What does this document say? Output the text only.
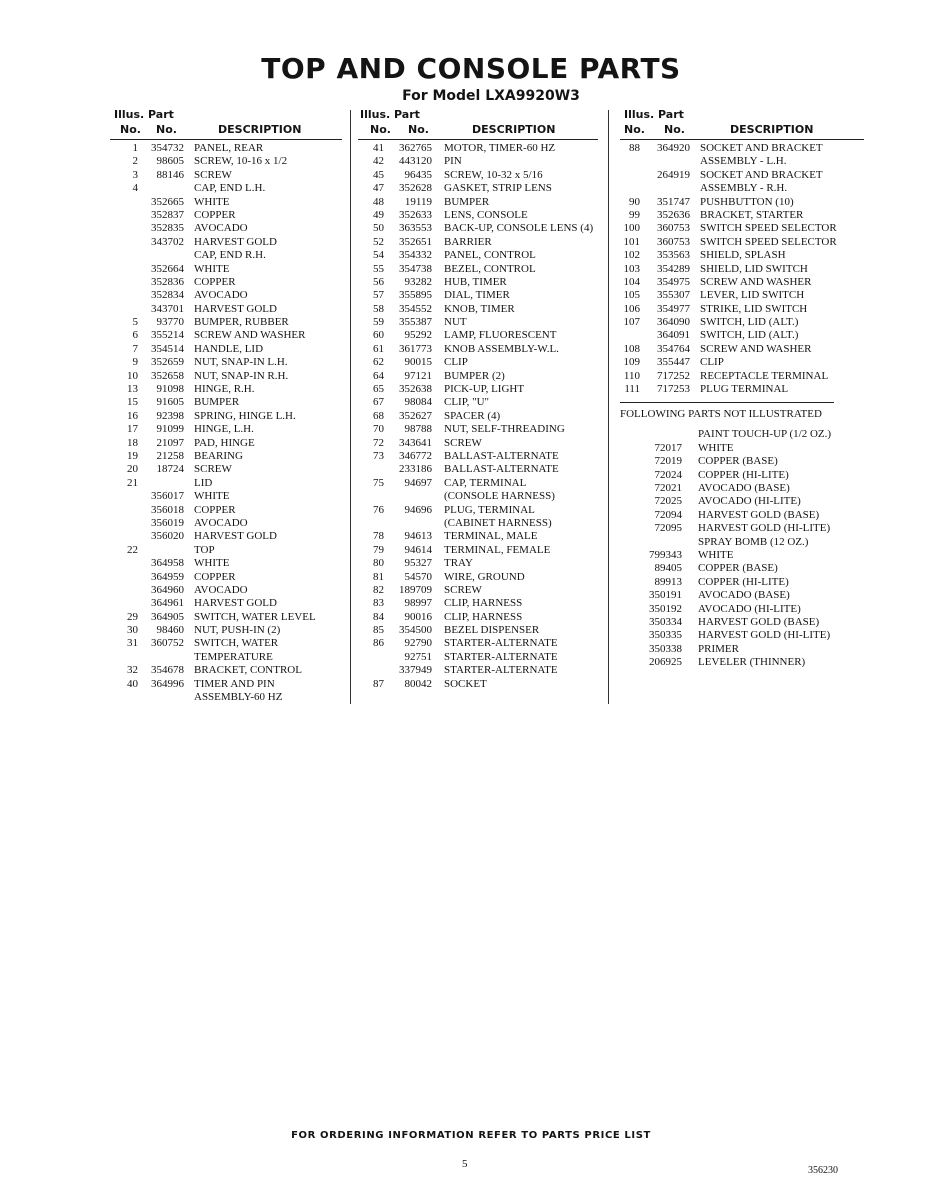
TOP AND CONSOLE PARTS
For Model LXA9920W3
Illus. Part
No. No.	DESCRIPTION
1	354732 PANEL, REAR
2	98605 SCREW, 10-16 x 1/2
3	88146 SCREW
4	CAP, END L.H.
352665 WHITE
352837 COPPER
352835 AVOCADO
343702 HARVEST GOLD
CAP, END R.H.
352664 WHITE
352836 COPPER
352834 AVOCADO
343701 HARVEST GOLD
5	93770 BUMPER, RUBBER
6	355214 SCREW AND WASHER
7	354514 HANDLE, LID
9	352659 NUT, SNAP-IN L.H.
10	352658 NUT, SNAP-IN R.H.
13	91098 HINGE, R.H.
15	91605 BUMPER
16	92398 SPRING, HINGE L.H.
17	91099 HINGE, L.H.
18	21097 PAD, HINGE
19	21258 BEARING
20	18724 SCREW
21	LID
356017 WHITE
356018 COPPER
356019 AVOCADO
356020 HARVEST GOLD
22	TOP
364958 WHITE
364959 COPPER
364960 AVOCADO
364961 HARVEST GOLD
29	364905 SWITCH, WATER LEVEL
30	98460 NUT, PUSH-IN (2)
31	360752 SWITCH, WATER
TEMPERATURE
32	354678 BRACKET, CONTROL
40	364996 TIMER AND PIN
ASSEMBLY-60 HZ
Illus. Part
No. No.	DESCRIPTION
41	362765 MOTOR, TIMER-60 HZ
42	443120 PIN
45	96435 SCREW, 10-32 x 5/16
47	352628 GASKET, STRIP LENS
48	19119 BUMPER
49	352633 LENS, CONSOLE
50	363553 BACK-UP, CONSOLE LENS (4)
52	352651 BARRIER
54	354332 PANEL, CONTROL
55	354738 BEZEL, CONTROL
56	93282 HUB, TIMER
57	355895 DIAL, TIMER
58	354552 KNOB, TIMER
59	355387 NUT
60	95292 LAMP, FLUORESCENT
61	361773 KNOB ASSEMBLY-W.L.
62	90015 CLIP
64	97121 BUMPER (2)
65	352638 PICK-UP, LIGHT
67	98084 CLIP, "U"
68	352627 SPACER (4)
70	98788 NUT, SELF-THREADING
72	343641 SCREW
73	346772 BALLAST-ALTERNATE
233186 BALLAST-ALTERNATE
75	94697 CAP, TERMINAL
(CONSOLE HARNESS)
76	94696 PLUG, TERMINAL
(CABINET HARNESS)
78	94613 TERMINAL, MALE
79	94614 TERMINAL, FEMALE
80	95327 TRAY
81	54570 WIRE, GROUND
82	189709 SCREW
83	98997 CLIP, HARNESS
84	90016 CLIP, HARNESS
85	354500 BEZEL DISPENSER
86	92790 STARTER-ALTERNATE
92751 STARTER-ALTERNATE
337949 STARTER-ALTERNATE
87	80042 SOCKET
Illus. Part
No. No.	DESCRIPTION
88	364920 SOCKET AND BRACKET
ASSEMBLY - L.H.
264919 SOCKET AND BRACKET
ASSEMBLY - R.H.
90	351747 PUSHBUTTON (10)
99	352636 BRACKET, STARTER
100	360753 SWITCH SPEED SELECTOR
101	360753 SWITCH SPEED SELECTOR
102	353563 SHIELD, SPLASH
103	354289 SHIELD, LID SWITCH
104	354975 SCREW AND WASHER
105	355307 LEVER, LID SWITCH
106	354977 STRIKE, LID SWITCH
107	364090 SWITCH, LID (ALT.)
364091 SWITCH, LID (ALT.)
108	354764 SCREW AND WASHER
109	355447 CLIP
110	717252 RECEPTACLE TERMINAL
111	717253 PLUG TERMINAL
FOLLOWING PARTS NOT ILLUSTRATED
PAINT TOUCH-UP (1/2 OZ.)
72017 WHITE
72019 COPPER (BASE)
72024 COPPER (HI-LITE)
72021 AVOCADO (BASE)
72025 AVOCADO (HI-LITE)
72094 HARVEST GOLD (BASE)
72095 HARVEST GOLD (HI-LITE)
SPRAY BOMB (12 OZ.)
799343 WHITE
89405 COPPER (BASE)
89913 COPPER (HI-LITE)
350191 AVOCADO (BASE)
350192 AVOCADO (HI-LITE)
350334 HARVEST GOLD (BASE)
350335 HARVEST GOLD (HI-LITE)
350338 PRIMER
206925 LEVELER (THINNER)
FOR ORDERING INFORMATION REFER TO PARTS PRICE LIST
5
356230
